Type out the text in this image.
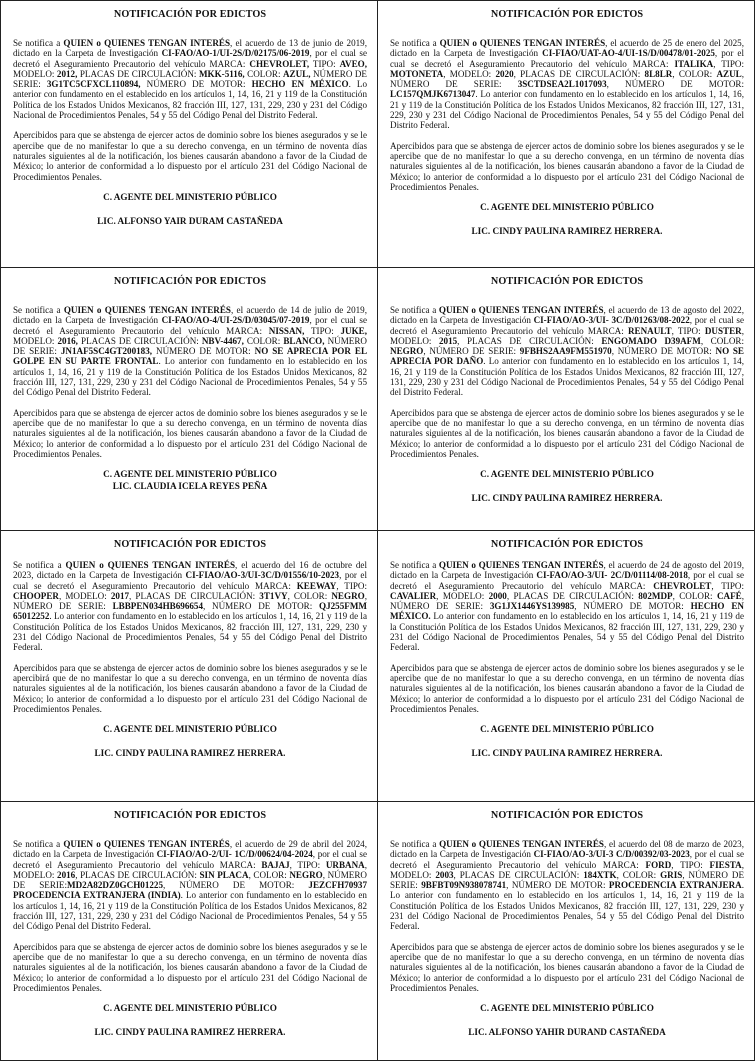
NOTIFICACIÓN POR EDICTOS
Se notifica a QUIEN o QUIENES TENGAN INTERÉS, el acuerdo de 13 de junio de 2019, dictado en la Carpeta de Investigación CI-FAO/AO-1/UI-2S/D/02175/06-2019, por el cual se decretó el Aseguramiento Precautorio del vehículo MARCA: CHEVROLET, TIPO: AVEO, MODELO: 2012, PLACAS DE CIRCULACIÓN: MKK-5116, COLOR: AZUL, NÚMERO DE SERIE: 3G1TC5CFXCL110894, NÚMERO DE MOTOR: HECHO EN MÉXICO. Lo anterior con fundamento en el establecido en los artículos 1, 14, 16, 21 y 119 de la Constitución Política de los Estados Unidos Mexicanos, 82 fracción III, 127, 131, 229, 230 y 231 del Código Nacional de Procedimientos Penales, 54 y 55 del Código Penal del Distrito Federal.
Apercibidos para que se abstenga de ejercer actos de dominio sobre los bienes asegurados y se le apercibe que de no manifestar lo que a su derecho convenga, en un término de noventa días naturales siguientes al de la notificación, los bienes causarán abandono a favor de la Ciudad de México; lo anterior de conformidad a lo dispuesto por el artículo 231 del Código Nacional de Procedimientos Penales.
C. AGENTE DEL MINISTERIO PÚBLICO
LIC. ALFONSO YAIR DURAM CASTAÑEDA
NOTIFICACIÓN POR EDICTOS
Se notifica a QUIEN o QUIENES TENGAN INTERÉS, el acuerdo de 25 de enero del 2025, dictado en la Carpeta de Investigación CI-FIAO/UAT-AO-4/UI-1S/D/00478/01-2025, por el cual se decretó el Aseguramiento Precautorio del vehículo MARCA: ITALIKA, TIPO: MOTONETA, MODELO: 2020, PLACAS DE CIRCULACIÓN: 8L8LR, COLOR: AZUL, NÚMERO DE SERIE: 3SCTDSEA2L1017093, NÚMERO DE MOTOR: LC157QMJK6713047. Lo anterior con fundamento en lo establecido en los artículos 1, 14, 16, 21 y 119 de la Constitución Política de los Estados Unidos Mexicanos, 82 fracción III, 127, 131, 229, 230 y 231 del Código Nacional de Procedimientos Penales, 54 y 55 del Código Penal del Distrito Federal.
Apercibidos para que se abstenga de ejercer actos de dominio sobre los bienes asegurados y se le apercibe que de no manifestar lo que a su derecho convenga, en un término de noventa días naturales siguientes al de la notificación, los bienes causarán abandono a favor de la Ciudad de México; lo anterior de conformidad a lo dispuesto por el artículo 231 del Código Nacional de Procedimientos Penales.
C. AGENTE DEL MINISTERIO PÚBLICO
LIC. CINDY PAULINA RAMIREZ HERRERA.
NOTIFICACIÓN POR EDICTOS
Se notifica a QUIEN o QUIENES TENGAN INTERÉS, el acuerdo de 14 de julio de 2019, dictado en la Carpeta de Investigación CI-FAO/AO-4/UI-2S/D/03045/07-2019, por el cual se decretó el Aseguramiento Precautorio del vehículo MARCA: NISSAN, TIPO: JUKE, MODELO: 2016, PLACAS DE CIRCULACIÓN: NBV-4467, COLOR: BLANCO, NÚMERO DE SERIE: JN1AF5SC4GT200183, NÚMERO DE MOTOR: NO SE APRECIA POR EL GOLPE EN SU PARTE FRONTAL. Lo anterior con fundamento en lo establecido en los artículos 1, 14, 16, 21 y 119 de la Constitución Política de los Estados Unidos Mexicanos, 82 fracción III, 127, 131, 229, 230 y 231 del Código Nacional de Procedimientos Penales, 54 y 55 del Código Penal del Distrito Federal.
Apercibidos para que se abstenga de ejercer actos de dominio sobre los bienes asegurados y se le apercibe que de no manifestar lo que a su derecho convenga, en un término de noventa días naturales siguientes al de la notificación, los bienes causarán abandono a favor de la Ciudad de México; lo anterior de conformidad a lo dispuesto por el artículo 231 del Código Nacional de Procedimientos Penales.
C. AGENTE DEL MINISTERIO PÚBLICO
LIC. CLAUDIA ICELA REYES PEÑA
NOTIFICACIÓN POR EDICTOS
Se notifica a QUIEN o QUIENES TENGAN INTERÉS, el acuerdo de 13 de agosto del 2022, dictado en la Carpeta de Investigación CI-FIAO/AO-3/UI- 3C/D/01263/08-2022, por el cual se decretó el Aseguramiento Precautorio del vehículo MARCA: RENAULT, TIPO: DUSTER, MODELO: 2015, PLACAS DE CIRCULACIÓN: ENGOMADO D39AFM, COLOR: NEGRO, NÚMERO DE SERIE: 9FBHS2AA9FM551970, NÚMERO DE MOTOR: NO SE APRECIA POR DAÑO. Lo anterior con fundamento en lo establecido en los artículos 1, 14, 16, 21 y 119 de la Constitución Política de los Estados Unidos Mexicanos, 82 fracción III, 127, 131, 229, 230 y 231 del Código Nacional de Procedimientos Penales, 54 y 55 del Código Penal del Distrito Federal.
Apercibidos para que se abstenga de ejercer actos de dominio sobre los bienes asegurados y se le apercibe que de no manifestar lo que a su derecho convenga, en un término de noventa días naturales siguientes al de la notificación, los bienes causarán abandono a favor de la Ciudad de México; lo anterior de conformidad a lo dispuesto por el artículo 231 del Código Nacional de Procedimientos Penales.
C. AGENTE DEL MINISTERIO PÚBLICO
LIC. CINDY PAULINA RAMIREZ HERRERA.
NOTIFICACIÓN POR EDICTOS
Se notifica a QUIEN o QUIENES TENGAN INTERÉS, el acuerdo del 16 de octubre del 2023, dictado en la Carpeta de Investigación CI-FIAO/AO-3/UI-3C/D/01556/10-2023, por el cual se decretó el Aseguramiento Precautorio del vehículo MARCA: KEEWAY, TIPO: CHOOPER, MODELO: 2017, PLACAS DE CIRCULACIÓN: 3T1VY, COLOR: NEGRO, NÚMERO DE SERIE: LBBPEN034HB696654, NÚMERO DE MOTOR: QJ255FMM 65012252. Lo anterior con fundamento en lo establecido en los artículos 1, 14, 16, 21 y 119 de la Constitución Política de los Estados Unidos Mexicanos, 82 fracción III, 127, 131, 229, 230 y 231 del Código Nacional de Procedimientos Penales, 54 y 55 del Código Penal del Distrito Federal.
Apercibidos para que se abstenga de ejercer actos de dominio sobre los bienes asegurados y se le apercibirá que de no manifestar lo que a su derecho convenga, en un término de noventa días naturales siguientes al de la notificación, los bienes causarán abandono a favor de la Ciudad de México; lo anterior de conformidad a lo dispuesto por el artículo 231 del Código Nacional de Procedimientos Penales.
C. AGENTE DEL MINISTERIO PÚBLICO
LIC. CINDY PAULINA RAMIREZ HERRERA.
NOTIFICACIÓN POR EDICTOS
Se notifica a QUIEN o QUIENES TENGAN INTERÉS, el acuerdo de 24 de agosto del 2019, dictado en la Carpeta de Investigación CI-FAO/AO-3/UI- 2C/D/01114/08-2018, por el cual se decretó el Aseguramiento Precautorio del vehículo MARCA: CHEVROLET, TIPO: CAVALIER, MODELO: 2000, PLACAS DE CIRCULACIÓN: 802MDP, COLOR: CAFÉ, NÚMERO DE SERIE: 3G1JX1446YS139985, NÚMERO DE MOTOR: HECHO EN MÉXICO. Lo anterior con fundamento en lo establecido en los artículos 1, 14, 16, 21 y 119 de la Constitución Política de los Estados Unidos Mexicanos, 82 fracción III, 127, 131, 229, 230 y 231 del Código Nacional de Procedimientos Penales, 54 y 55 del Código Penal del Distrito Federal.
Apercibidos para que se abstenga de ejercer actos de dominio sobre los bienes asegurados y se le apercibe que de no manifestar lo que a su derecho convenga, en un término de noventa días naturales siguientes al de la notificación, los bienes causarán abandono a favor de la Ciudad de México; lo anterior de conformidad a lo dispuesto por el artículo 231 del Código Nacional de Procedimientos Penales.
C. AGENTE DEL MINISTERIO PÚBLICO
LIC. CINDY PAULINA RAMIREZ HERRERA.
NOTIFICACIÓN POR EDICTOS
Se notifica a QUIEN o QUIENES TENGAN INTERÉS, el acuerdo de 29 de abril del 2024, dictado en la Carpeta de Investigación CI-FIAO/AO-2/UI- 1C/D/00624/04-2024, por el cual se decretó el Aseguramiento Precautorio del vehículo MARCA: BAJAJ, TIPO: URBANA, MODELO: 2016, PLACAS DE CIRCULACIÓN: SIN PLACA, COLOR: NEGRO, NÚMERO DE SERIE:MD2A82DZ0GCH01225, NÚMERO DE MOTOR: JEZCFH70937 PROCEDENCIA EXTRANJERA (INDIA). Lo anterior con fundamento en lo establecido en los artículos 1, 14, 16, 21 y 119 de la Constitución Política de los Estados Unidos Mexicanos, 82 fracción III, 127, 131, 229, 230 y 231 del Código Nacional de Procedimientos Penales, 54 y 55 del Código Penal del Distrito Federal.
Apercibidos para que se abstenga de ejercer actos de dominio sobre los bienes asegurados y se le apercibe que de no manifestar lo que a su derecho convenga, en un término de noventa días naturales siguientes al de la notificación, los bienes causarán abandono a favor de la Ciudad de México; lo anterior de conformidad a lo dispuesto por el artículo 231 del Código Nacional de Procedimientos Penales.
C. AGENTE DEL MINISTERIO PÚBLICO
LIC. CINDY PAULINA RAMIREZ HERRERA.
NOTIFICACIÓN POR EDICTOS
Se notifica a QUIEN o QUIENES TENGAN INTERÉS, el acuerdo del 08 de marzo de 2023, dictado en la Carpeta de Investigación CI-FIAO/AO-3/UI-3 C/D/00392/03-2023, por el cual se decretó el Aseguramiento Precautorio del vehículo MARCA: FORD, TIPO: FIESTA, MODELO: 2003, PLACAS DE CIRCULACIÓN: 184XTK, COLOR: GRIS, NÚMERO DE SERIE: 9BFBT09N938078741, NÚMERO DE MOTOR: PROCEDENCIA EXTRANJERA. Lo anterior con fundamento en lo establecido en los artículos 1, 14, 16, 21 y 119 de la Constitución Política de los Estados Unidos Mexicanos, 82 fracción III, 127, 131, 229, 230 y 231 del Código Nacional de Procedimientos Penales, 54 y 55 del Código Penal del Distrito Federal.
Apercibidos para que se abstenga de ejercer actos de dominio sobre los bienes asegurados y se le apercibe que de no manifestar lo que a su derecho convenga, en un término de noventa días naturales siguientes al de la notificación, los bienes causarán abandono a favor de la Ciudad de México; lo anterior de conformidad a lo dispuesto por el artículo 231 del Código Nacional de Procedimientos Penales.
C. AGENTE DEL MINISTERIO PÚBLICO
LIC. ALFONSO YAHIR DURAND CASTAÑEDA
